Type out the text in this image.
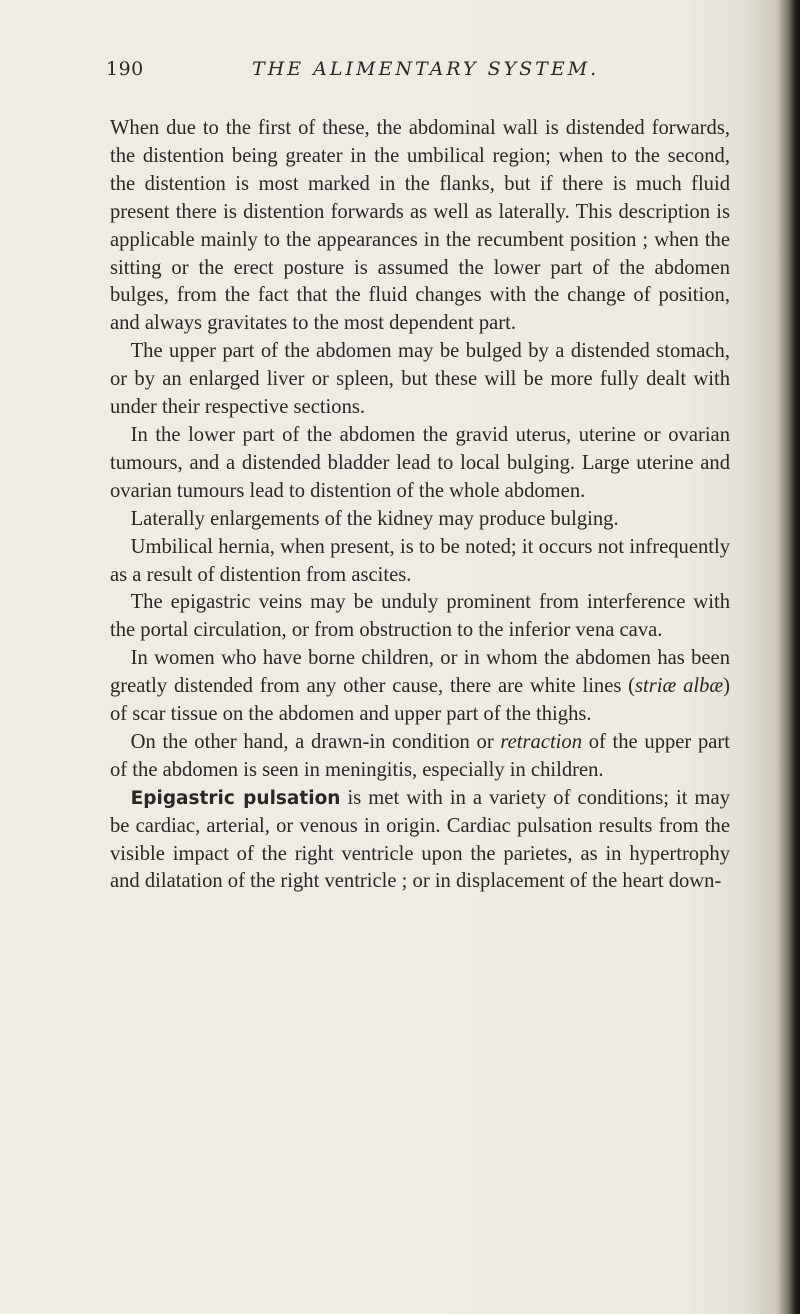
190	THE ALIMENTARY SYSTEM.

When due to the first of these, the abdominal wall is distended forwards, the distention being greater in the umbilical region; when to the second, the distention is most marked in the flanks, but if there is much fluid present there is distention forwards as well as laterally. This description is applicable mainly to the appearances in the recumbent position ; when the sitting or the erect posture is assumed the lower part of the abdomen bulges, from the fact that the fluid changes with the change of position, and always gravitates to the most dependent part.

 The upper part of the abdomen may be bulged by a distended stomach, or by an enlarged liver or spleen, but these will be more fully dealt with under their respective sections.

 In the lower part of the abdomen the gravid uterus, uterine or ovarian tumours, and a distended bladder lead to local bulging. Large uterine and ovarian tumours lead to distention of the whole abdomen.

 Laterally enlargements of the kidney may produce bulging.

 Umbilical hernia, when present, is to be noted; it occurs not infrequently as a result of distention from ascites.

 The epigastric veins may be unduly prominent from interference with the portal circulation, or from obstruction to the inferior vena cava.

 In women who have borne children, or in whom the abdomen has been greatly distended from any other cause, there are white lines (striæ albæ) of scar tissue on the abdomen and upper part of the thighs.

 On the other hand, a drawn-in condition or retraction of the upper part of the abdomen is seen in meningitis, especially in children.

 Epigastric pulsation is met with in a variety of conditions; it may be cardiac, arterial, or venous in origin. Cardiac pulsation results from the visible impact of the right ventricle upon the parietes, as in hypertrophy and dilatation of the right ventricle ; or in displacement of the heart down-
